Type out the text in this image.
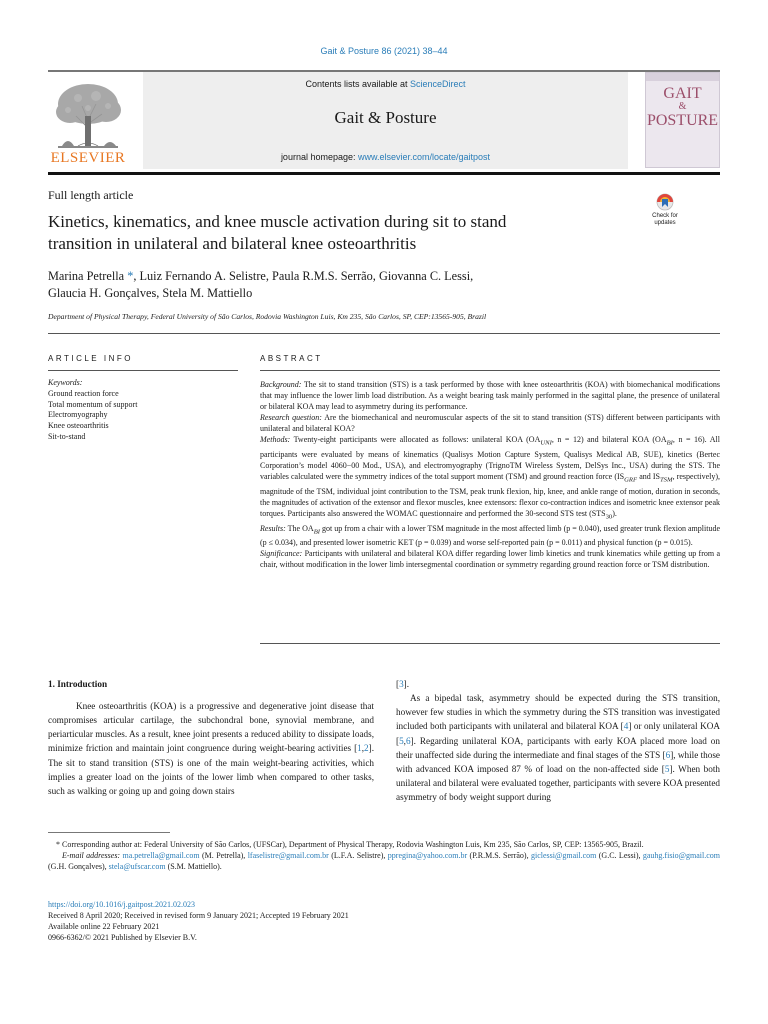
Gait & Posture 86 (2021) 38–44
ELSEVIER
Contents lists available at ScienceDirect
Gait & Posture
journal homepage: www.elsevier.com/locate/gaitpost
GAIT
&
POSTURE
Full length article
Check for
updates
Kinetics, kinematics, and knee muscle activation during sit to stand
transition in unilateral and bilateral knee osteoarthritis
Marina Petrella *, Luiz Fernando A. Selistre, Paula R.M.S. Serrão, Giovanna C. Lessi,
Glaucia H. Gonçalves, Stela M. Mattiello
Department of Physical Therapy, Federal University of São Carlos, Rodovia Washington Luis, Km 235, São Carlos, SP, CEP:13565-905, Brazil
ARTICLE INFO	ABSTRACT
Keywords:
Ground reaction force
Total momentum of support
Electromyography
Knee osteoarthritis
Sit-to-stand

Background: The sit to stand transition (STS) is a task performed by those with knee osteoarthritis (KOA) with biomechanical modifications that may influence the lower limb load distribution. As a weight bearing task mainly performed in the sagittal plane, the presence of unilateral or bilateral KOA may lead to asymmetry during its performance.

Research question: Are the biomechanical and neuromuscular aspects of the sit to stand transition (STS) different between participants with unilateral and bilateral KOA?

Methods: Twenty-eight participants were allocated as follows: unilateral KOA ($OA_{UNI}$, n = 12) and bilateral KOA ($OA_{BI}$, n = 16). All participants were evaluated by means of kinematics (Qualisys Motion Capture System, Qualisys Medical AB, SUE), kinetics (Bertec Corporation’s model 4060−00 Mod., USA), and electromyography (TrignoTM Wireless System, DelSys Inc., USA) during the STS. The variables calculated were the symmetry indices of the total support moment (TSM) and ground reaction force ($IS_{GRF}$ and $IS_{TSM}$, respectively), magnitude of the TSM, individual joint contribution to the TSM, peak trunk flexion, hip, knee, and ankle range of motion, duration in seconds, the magnitudes of activation of the extensor and flexor muscles, knee extensors: flexor co-contraction indices and isometric knee extensor peak torques. Participants also answered the WOMAC questionnaire and performed the 30-second STS test $(STS_{30})$.

Results: The $OA_{BI}$ got up from a chair with a lower TSM magnitude in the most affected limb (p = 0.040), used greater trunk flexion amplitude (p ≤ 0.034), and presented lower isometric KET (p = 0.039) and worse self-reported pain (p = 0.011) and physical function (p = 0.015).

Significance: Participants with unilateral and bilateral KOA differ regarding lower limb kinetics and trunk kinematics while getting up from a chair, without modification in the lower limb intersegmental coordination or symmetry regarding ground reaction force or TSM distribution.

1. Introduction

Knee osteoarthritis (KOA) is a progressive and degenerative joint disease that compromises articular cartilage, the subchondral bone, synovial membrane, and periarticular muscles. As a result, knee joint presents a reduced ability to dissipate loads, minimize friction and maintain joint congruence during weight-bearing activities [1,2]. The sit to stand transition (STS) is one of the main weight-bearing activities, which implies a greater load on the joints of the lower limb when compared to other tasks, such as walking or going up and going down stairs

[3].

As a bipedal task, asymmetry should be expected during the STS transition, however few studies in which the symmetry during the STS transition was investigated included both participants with unilateral and bilateral KOA [4] or only unilateral KOA [5,6]. Regarding unilateral KOA, participants with early KOA placed more load on their unaffected side during the intermediate and final stages of the STS [6], while those with advanced KOA imposed 87 % of load on the non-affected side [5]. When both unilateral and bilateral were evaluated together, participants with severe KOA presented asymmetry of body weight support during

* Corresponding author at: Federal University of São Carlos, (UFSCar), Department of Physical Therapy, Rodovia Washington Luis, Km 235, São Carlos, SP, CEP: 13565-905, Brazil.

E-mail addresses: ma.petrella@gmail.com (M. Petrella), lfaselistre@gmail.com.br (L.F.A. Selistre), ppregina@yahoo.com.br (P.R.M.S. Serrão), giclessi@gmail.com (G.C. Lessi), gauhg.fisio@gmail.com (G.H. Gonçalves), stela@ufscar.com (S.M. Mattiello).

https://doi.org/10.1016/j.gaitpost.2021.02.023

Received 8 April 2020; Received in revised form 9 January 2021; Accepted 19 February 2021

Available online 22 February 2021

0966-6362/© 2021 Published by Elsevier B.V.
